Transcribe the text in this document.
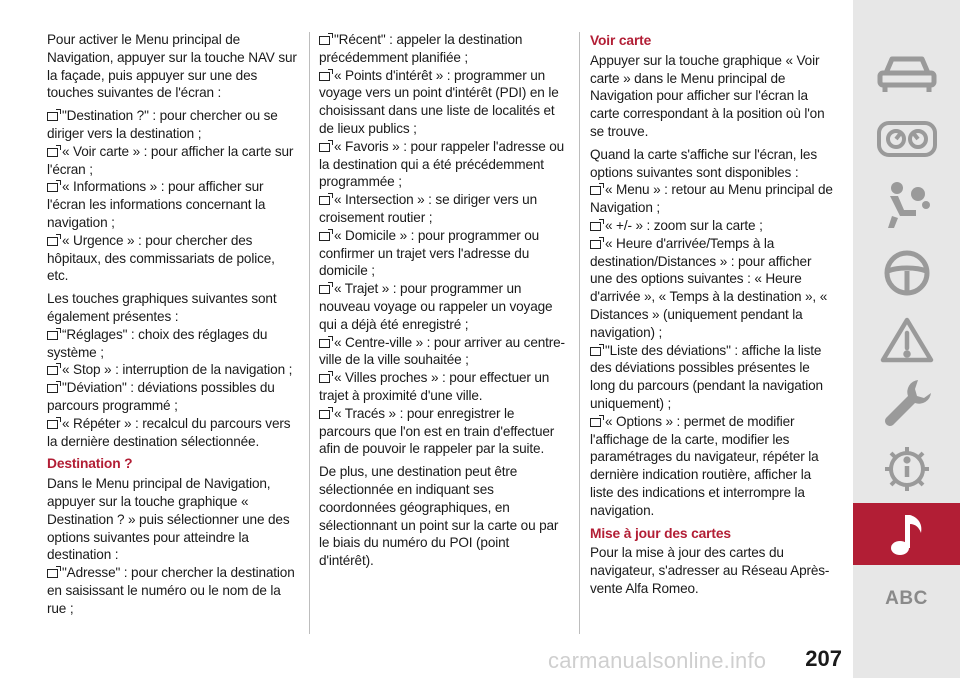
Pour activer le Menu principal de Navigation, appuyer sur la touche NAV sur la façade, puis appuyer sur une des touches suivantes de l'écran :

"Destination ?" : pour chercher ou se diriger vers la destination ;
« Voir carte » : pour afficher la carte sur l'écran ;
« Informations » : pour afficher sur l'écran les informations concernant la navigation ;
« Urgence » : pour chercher des hôpitaux, des commissariats de police, etc.

Les touches graphiques suivantes sont également présentes :

“Réglages" : choix des réglages du système ;
« Stop » : interruption de la navigation ;
"Déviation" : déviations possibles du parcours programmé ;
« Répéter » : recalcul du parcours vers la dernière destination sélectionnée.
Destination ?

Dans le Menu principal de Navigation, appuyer sur la touche graphique « Destination ? » puis sélectionner une des options suivantes pour atteindre la destination :

"Adresse" : pour chercher la destination en saisissant le numéro ou le nom de la rue ;
"Récent" : appeler la destination précédemment planifiée ;
« Points d'intérêt » : programmer un voyage vers un point d'intérêt (PDI) en le choisissant dans une liste de localités et de lieux publics ;
« Favoris » : pour rappeler l'adresse ou la destination qui a été précédemment programmée ;
« Intersection » : se diriger vers un croisement routier ;
« Domicile » : pour programmer ou confirmer un trajet vers l'adresse du domicile ;
« Trajet » : pour programmer un nouveau voyage ou rappeler un voyage qui a déjà été enregistré ;
« Centre-ville » : pour arriver au centre-ville de la ville souhaitée ;
« Villes proches » : pour effectuer un trajet à proximité d'une ville.
« Tracés » : pour enregistrer le parcours que l'on est en train d'effectuer afin de pouvoir le rappeler par la suite.

De plus, une destination peut être sélectionnée en indiquant ses coordonnées géographiques, en sélectionnant un point sur la carte ou par le biais du numéro du POI (point d'intérêt).

Voir carte

Appuyer sur la touche graphique « Voir carte » dans le Menu principal de Navigation pour afficher sur l'écran la carte correspondant à la position où l'on se trouve.

Quand la carte s'affiche sur l'écran, les options suivantes sont disponibles :

« Menu » : retour au Menu principal de Navigation ;
« +/- » : zoom sur la carte ;
« Heure d'arrivée/Temps à la destination/Distances » : pour afficher une des options suivantes : « Heure d'arrivée », « Temps à la destination », « Distances » (uniquement pendant la navigation) ;
"Liste des déviations" : affiche la liste des déviations possibles présentes le long du parcours (pendant la navigation uniquement) ;
« Options » : permet de modifier l'affichage de la carte, modifier les paramétrages du navigateur, répéter la dernière indication routière, afficher la liste des indications et interrompre la navigation.
Mise à jour des cartes

Pour la mise à jour des cartes du navigateur, s'adresser au Réseau Après-vente Alfa Romeo.	ABC
carmanualsonline.info 207
